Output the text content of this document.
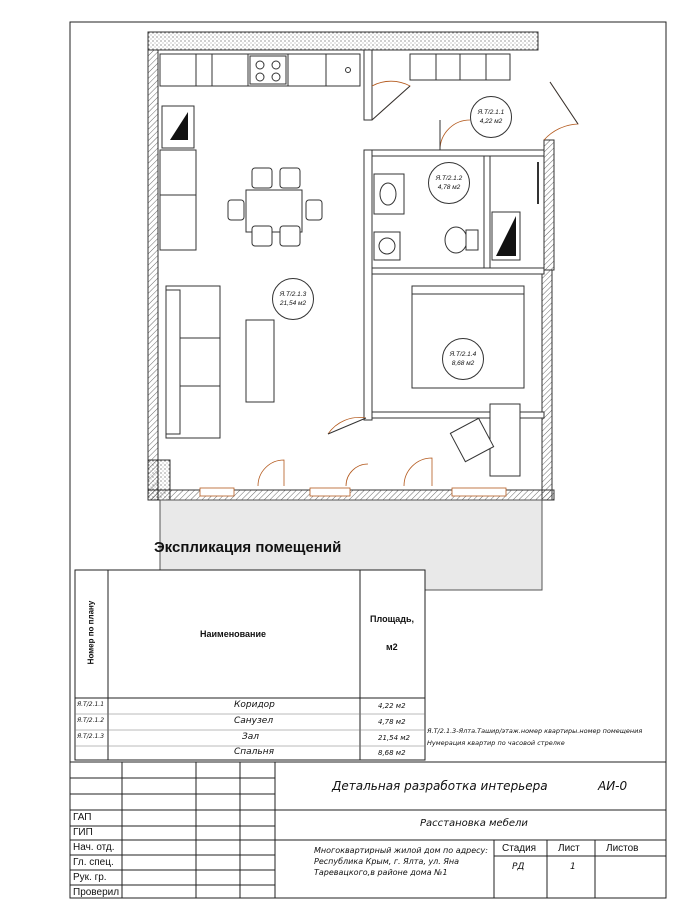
Я.Т/2.1.1
4,22 м2
Я.Т/2.1.2
4,78 м2
Я.Т/2.1.3
21,54 м2
Я.Т/2.1.4
8,68 м2
Экспликация помещений
Номер по плану	Наименование
Площадь,
м2
Я.Т/2.1.1	Коридор	4,22 м2
Я.Т/2.1.2	Санузел	4,78 м2
Я.Т/2.1.3	Зал	21,54 м2
Спальня	8,68 м2
Я.Т/2.1.3-Ялта.Ташир/этаж.номер квартиры.номер помещения
Нумерация квартир по часовой стрелке
Детальная разработка интерьера	АИ-0
Расстановка мебели
Многоквартирный жилой дом по адресу:
Республика Крым, г. Ялта, ул. Яна
Таревацкого,в районе дома №1
Стадия Лист	Листов
РД	1
ГАП
ГИП
Нач. отд.
Гл. спец.
Рук. гр.
Проверил
